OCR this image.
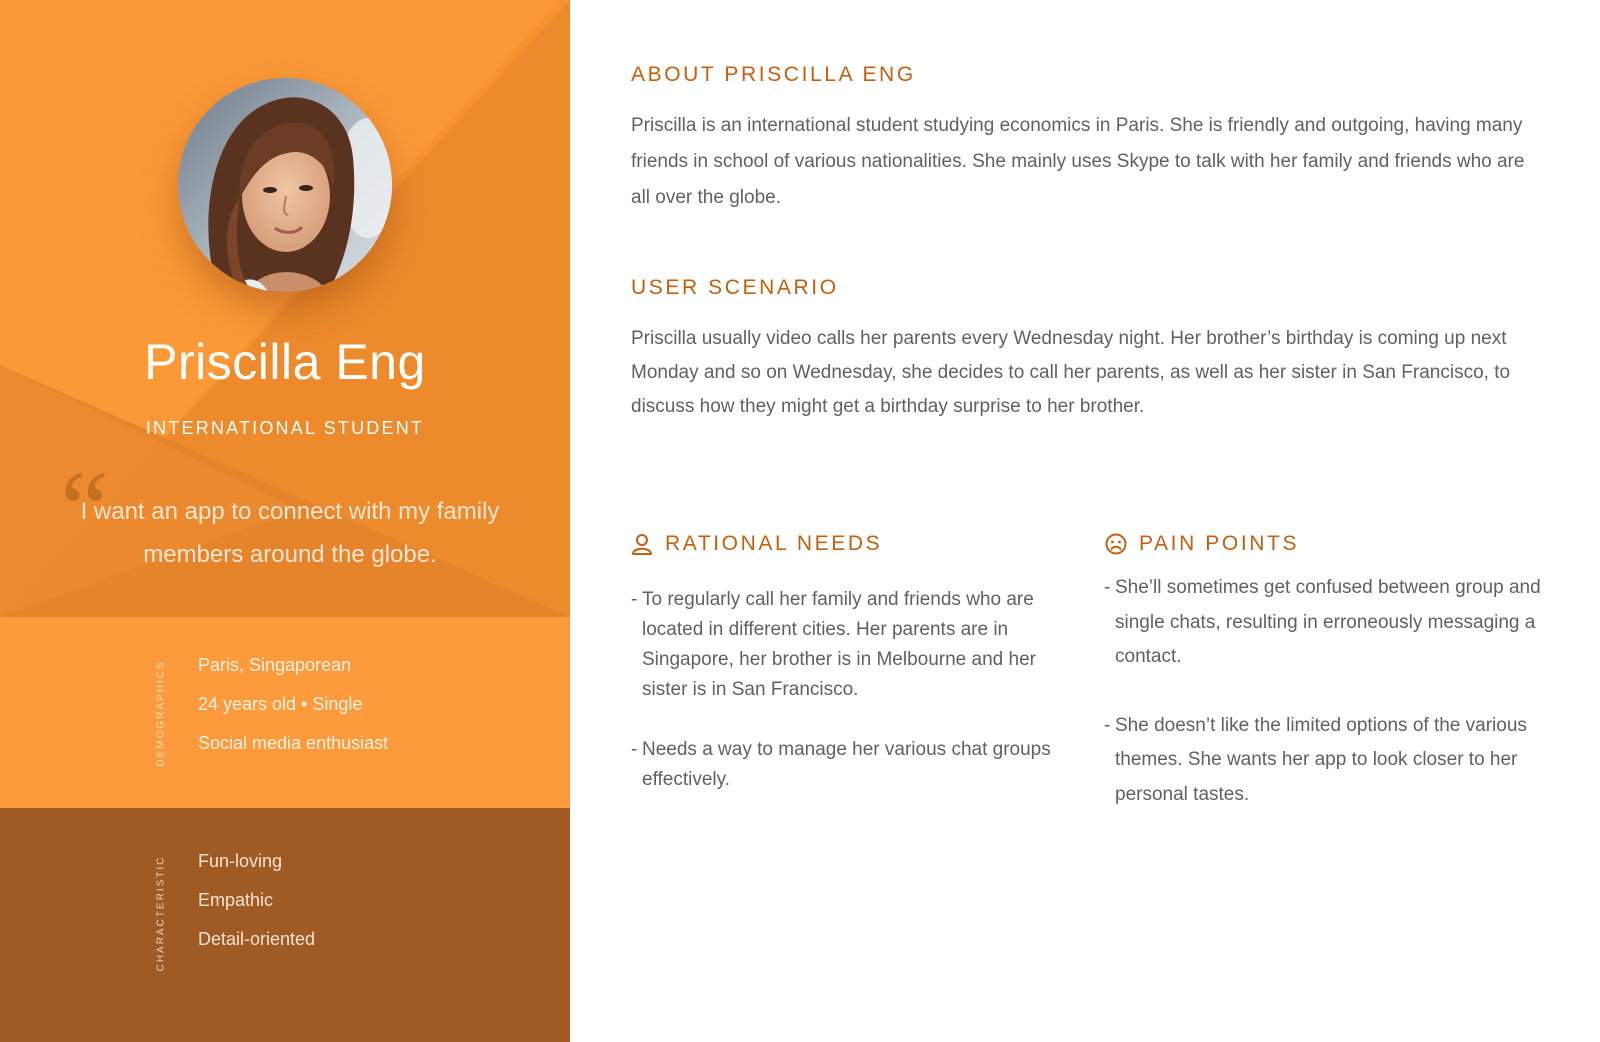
Priscilla Eng
INTERNATIONAL STUDENT
“
I want an app to connect with my family members around the globe.
DEMOGRAPHICS Paris, Singaporean
24 years old • Single
Social media enthusiast
CHARACTERISTIC Fun-loving
Empathic
Detail-oriented
ABOUT PRISCILLA ENG

Priscilla is an international student studying economics in Paris. She is friendly and outgoing, having many friends in school of various nationalities. She mainly uses Skype to talk with her family and friends who are all over the globe.

USER SCENARIO

Priscilla usually video calls her parents every Wednesday night. Her brother’s birthday is coming up next Monday and so on Wednesday, she decides to call her parents, as well as her sister in San Francisco, to discuss how they might get a birthday surprise to her brother.

RATIONAL NEEDS
- To regularly call her family and friends who are located in different cities. Her parents are in Singapore, her brother is in Melbourne and her sister is in San Francisco.
- Needs a way to manage her various chat groups effectively.
PAIN POINTS
- She’ll sometimes get confused between group and single chats, resulting in erroneously messaging a contact.
- She doesn’t like the limited options of the various themes. She wants her app to look closer to her personal tastes.
